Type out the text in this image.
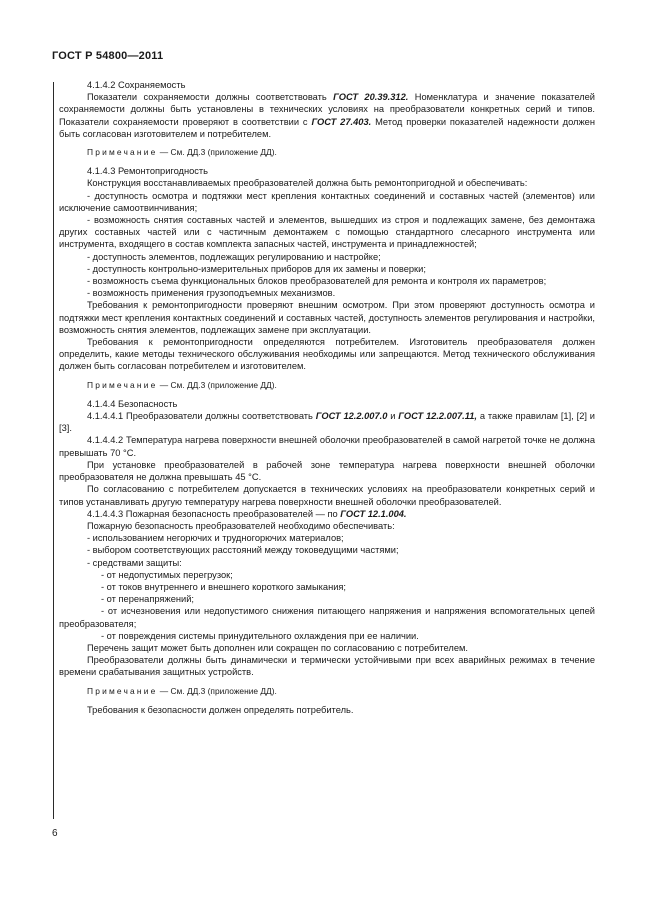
ГОСТ Р 54800—2011

4.1.4.2 Сохраняемость

Показатели сохраняемости должны соответствовать ГОСТ 20.39.312. Номенклатура и значение показателей сохраняемости должны быть установлены в технических условиях на преобразователи конкретных серий и типов. Показатели сохраняемости проверяют в соответствии с ГОСТ 27.403. Метод проверки показателей надежности должен быть согласован изготовителем и потребителем.

Примечание — См. ДД.3 (приложение ДД).

4.1.4.3 Ремонтопригодность

Конструкция восстанавливаемых преобразователей должна быть ремонтопригодной и обеспечивать:

- доступность осмотра и подтяжки мест крепления контактных соединений и составных частей (элементов) или исключение самоотвинчивания;

- возможность снятия составных частей и элементов, вышедших из строя и подлежащих замене, без демонтажа других составных частей или с частичным демонтажем с помощью стандартного слесарного инструмента или инструмента, входящего в состав комплекта запасных частей, инструмента и принадлежностей;

- доступность элементов, подлежащих регулированию и настройке;

- доступность контрольно-измерительных приборов для их замены и поверки;

- возможность съема функциональных блоков преобразователей для ремонта и контроля их параметров;

- возможность применения грузоподъемных механизмов.

Требования к ремонтопригодности проверяют внешним осмотром. При этом проверяют доступность осмотра и подтяжки мест крепления контактных соединений и составных частей, доступность элементов регулирования и настройки, возможность снятия элементов, подлежащих замене при эксплуатации.

Требования к ремонтопригодности определяются потребителем. Изготовитель преобразователя должен определить, какие методы технического обслуживания необходимы или запрещаются. Метод технического обслуживания должен быть согласован потребителем и изготовителем.

Примечание — См. ДД.3 (приложение ДД).

4.1.4.4 Безопасность

4.1.4.4.1 Преобразователи должны соответствовать ГОСТ 12.2.007.0 и ГОСТ 12.2.007.11, а также правилам [1], [2] и [3].

4.1.4.4.2 Температура нагрева поверхности внешней оболочки преобразователей в самой нагретой точке не должна превышать 70 °С.

При установке преобразователей в рабочей зоне температура нагрева поверхности внешней оболочки преобразователя не должна превышать 45 °С.

По согласованию с потребителем допускается в технических условиях на преобразователи конкретных серий и типов устанавливать другую температуру нагрева поверхности внешней оболочки преобразователей.

4.1.4.4.3 Пожарная безопасность преобразователей — по ГОСТ 12.1.004.

Пожарную безопасность преобразователей необходимо обеспечивать:

- использованием негорючих и трудногорючих материалов;

- выбором соответствующих расстояний между токоведущими частями;

- средствами защиты:

- от недопустимых перегрузок;

- от токов внутреннего и внешнего короткого замыкания;

- от перенапряжений;

- от исчезновения или недопустимого снижения питающего напряжения и напряжения вспомогательных цепей преобразователя;

- от повреждения системы принудительного охлаждения при ее наличии.

Перечень защит может быть дополнен или сокращен по согласованию с потребителем.

Преобразователи должны быть динамически и термически устойчивыми при всех аварийных режимах в течение времени срабатывания защитных устройств.

Примечание — См. ДД.3 (приложение ДД).

Требования к безопасности должен определять потребитель.

6
